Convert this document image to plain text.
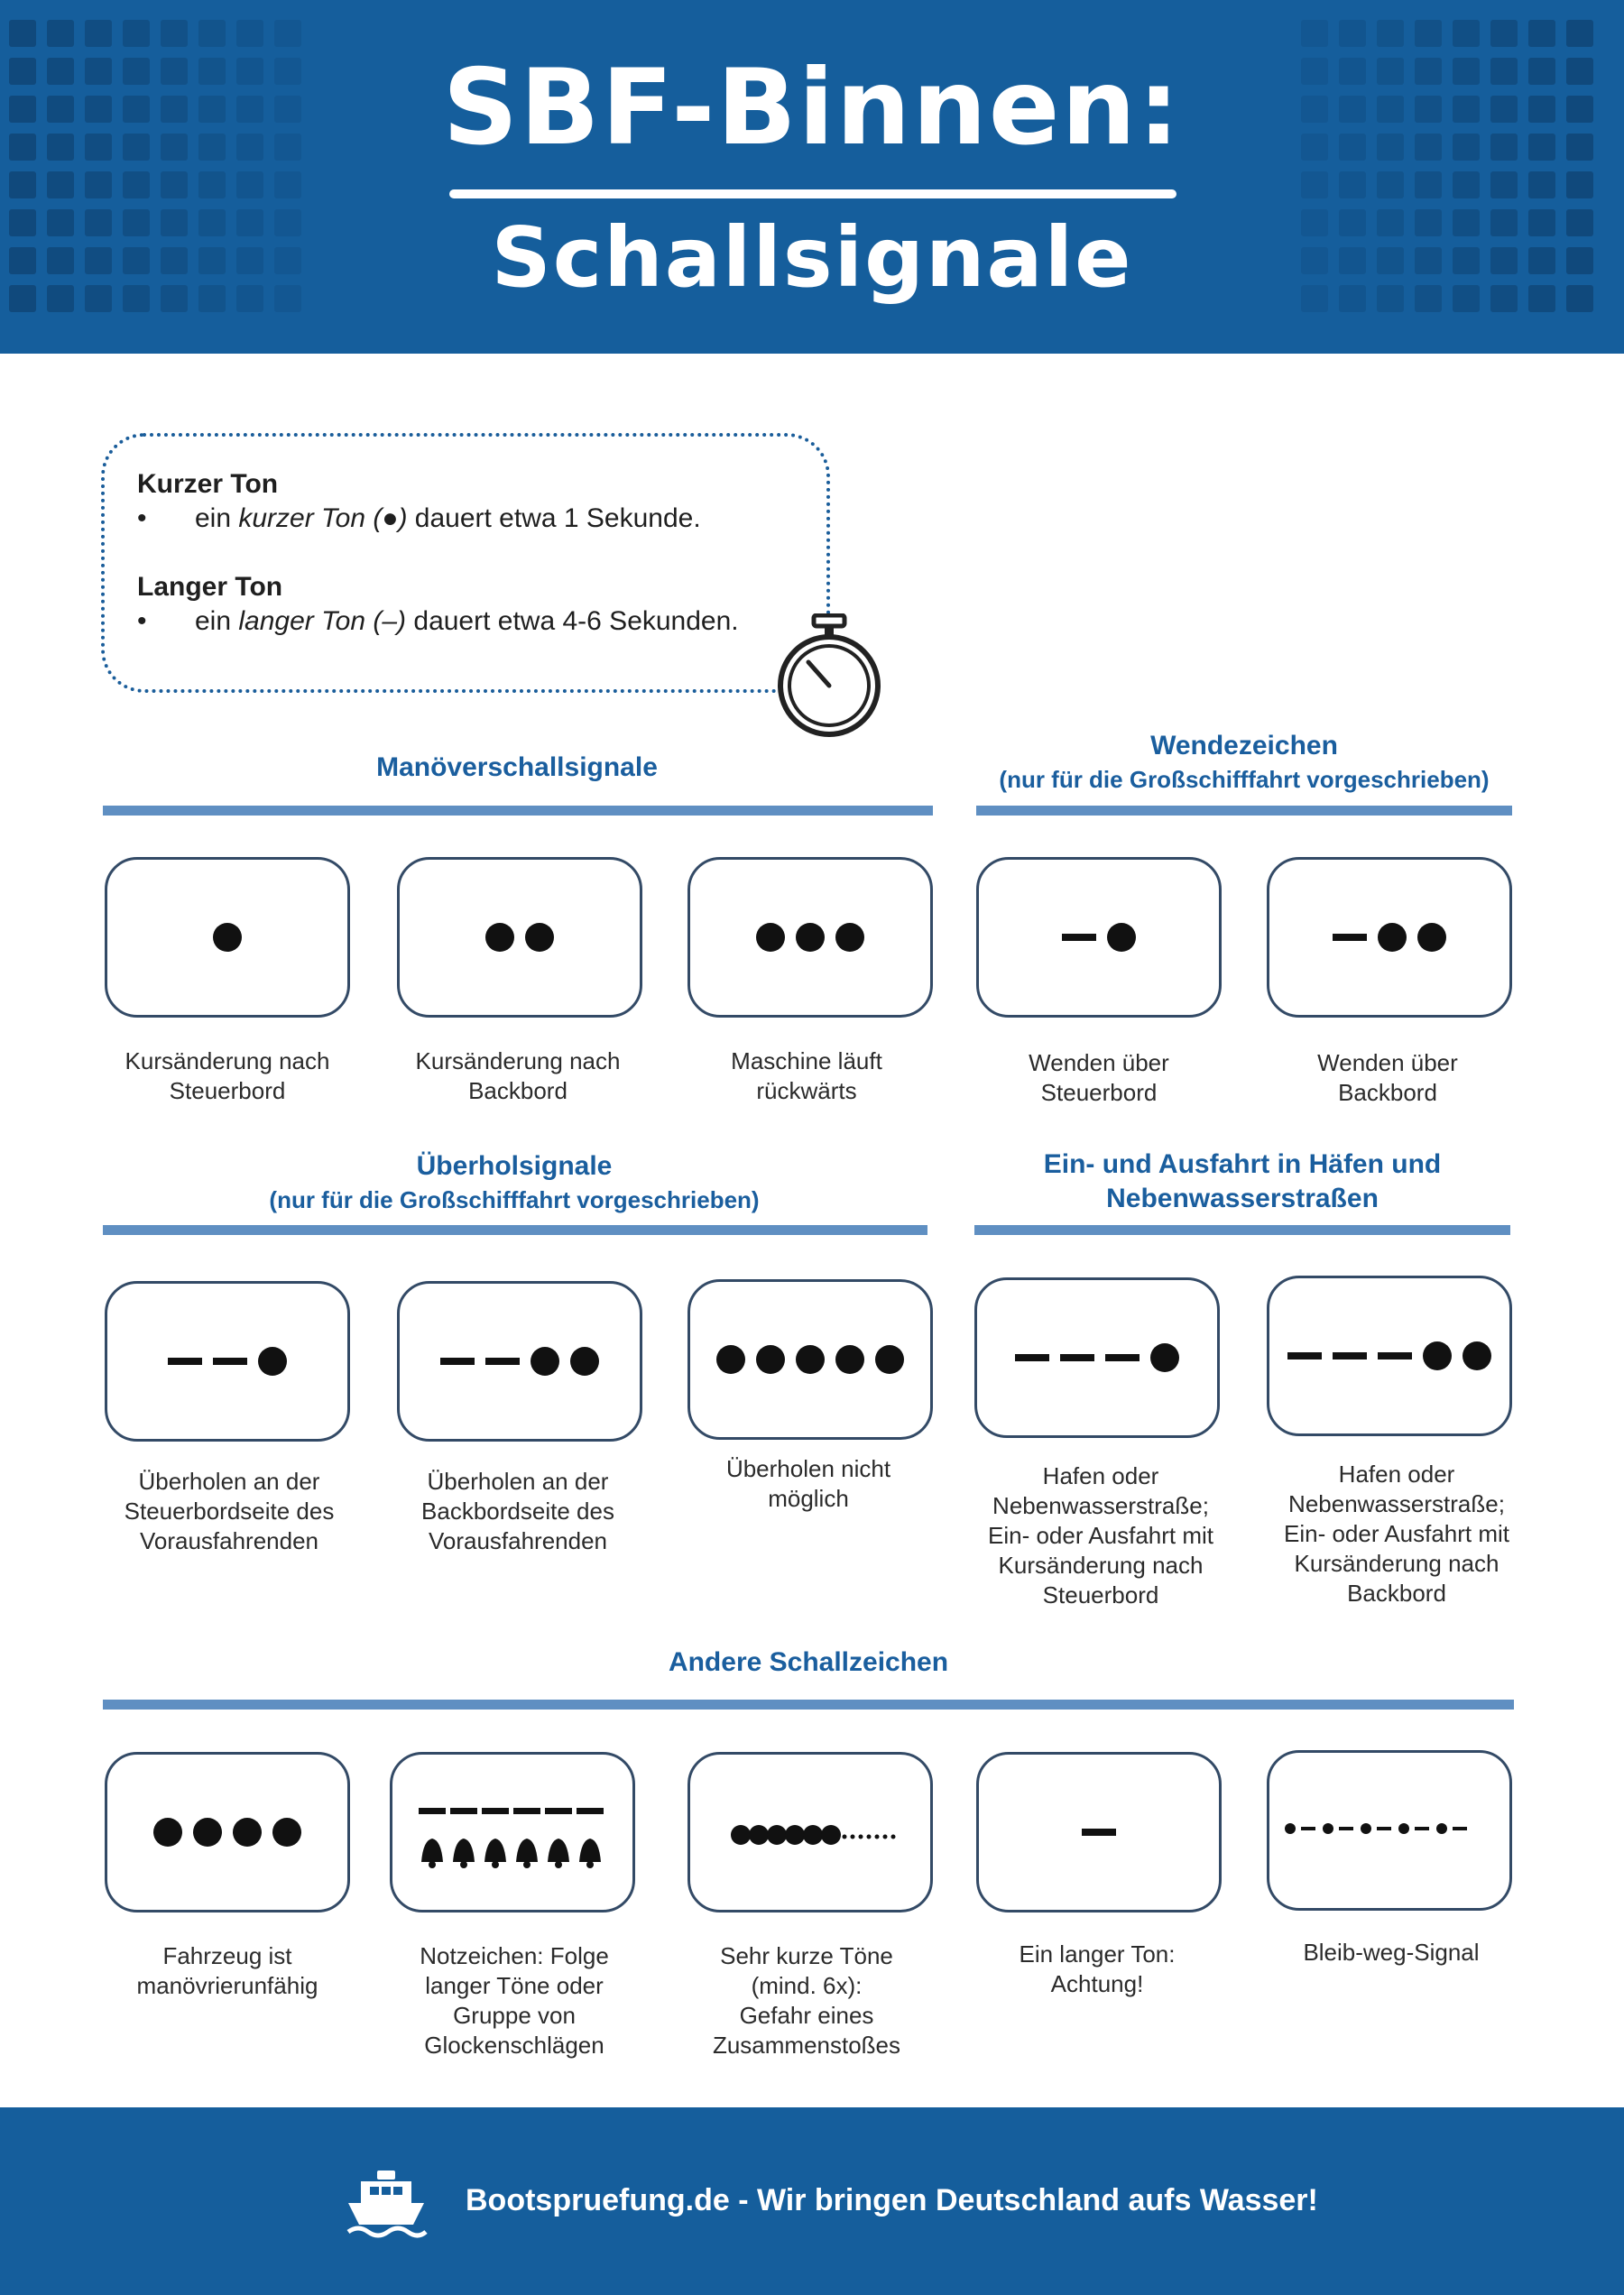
SBF-Binnen:
Schallsignale
Kurzer Ton
• ein kurzer Ton (●) dauert etwa 1 Sekunde.
Langer Ton
• ein langer Ton (–) dauert etwa 4-6 Sekunden.
Manöverschallsignale
Wendezeichen
(nur für die Großschifffahrt vorgeschrieben)
Überholsignale
(nur für die Großschifffahrt vorgeschrieben)
Ein- und Ausfahrt in Häfen und
Nebenwasserstraßen
Andere Schallzeichen
Kursänderung nach
Steuerbord
Kursänderung nach
Backbord
Maschine läuft
rückwärts
Wenden über
Steuerbord
Wenden über
Backbord
Überholen an der
Steuerbordseite des
Vorausfahrenden
Überholen an der
Backbordseite des
Vorausfahrenden
Überholen nicht
möglich
Hafen oder
Nebenwasserstraße;
Ein- oder Ausfahrt mit
Kursänderung nach
Steuerbord
Hafen oder
Nebenwasserstraße;
Ein- oder Ausfahrt mit
Kursänderung nach
Backbord
Fahrzeug ist
manövrierunfähig
Notzeichen: Folge
langer Töne oder
Gruppe von
Glockenschlägen
Sehr kurze Töne
(mind. 6x):
Gefahr eines
Zusammenstoßes
Ein langer Ton:
Achtung!
Bleib-weg-Signal
Bootspruefung.de - Wir bringen Deutschland aufs Wasser!
